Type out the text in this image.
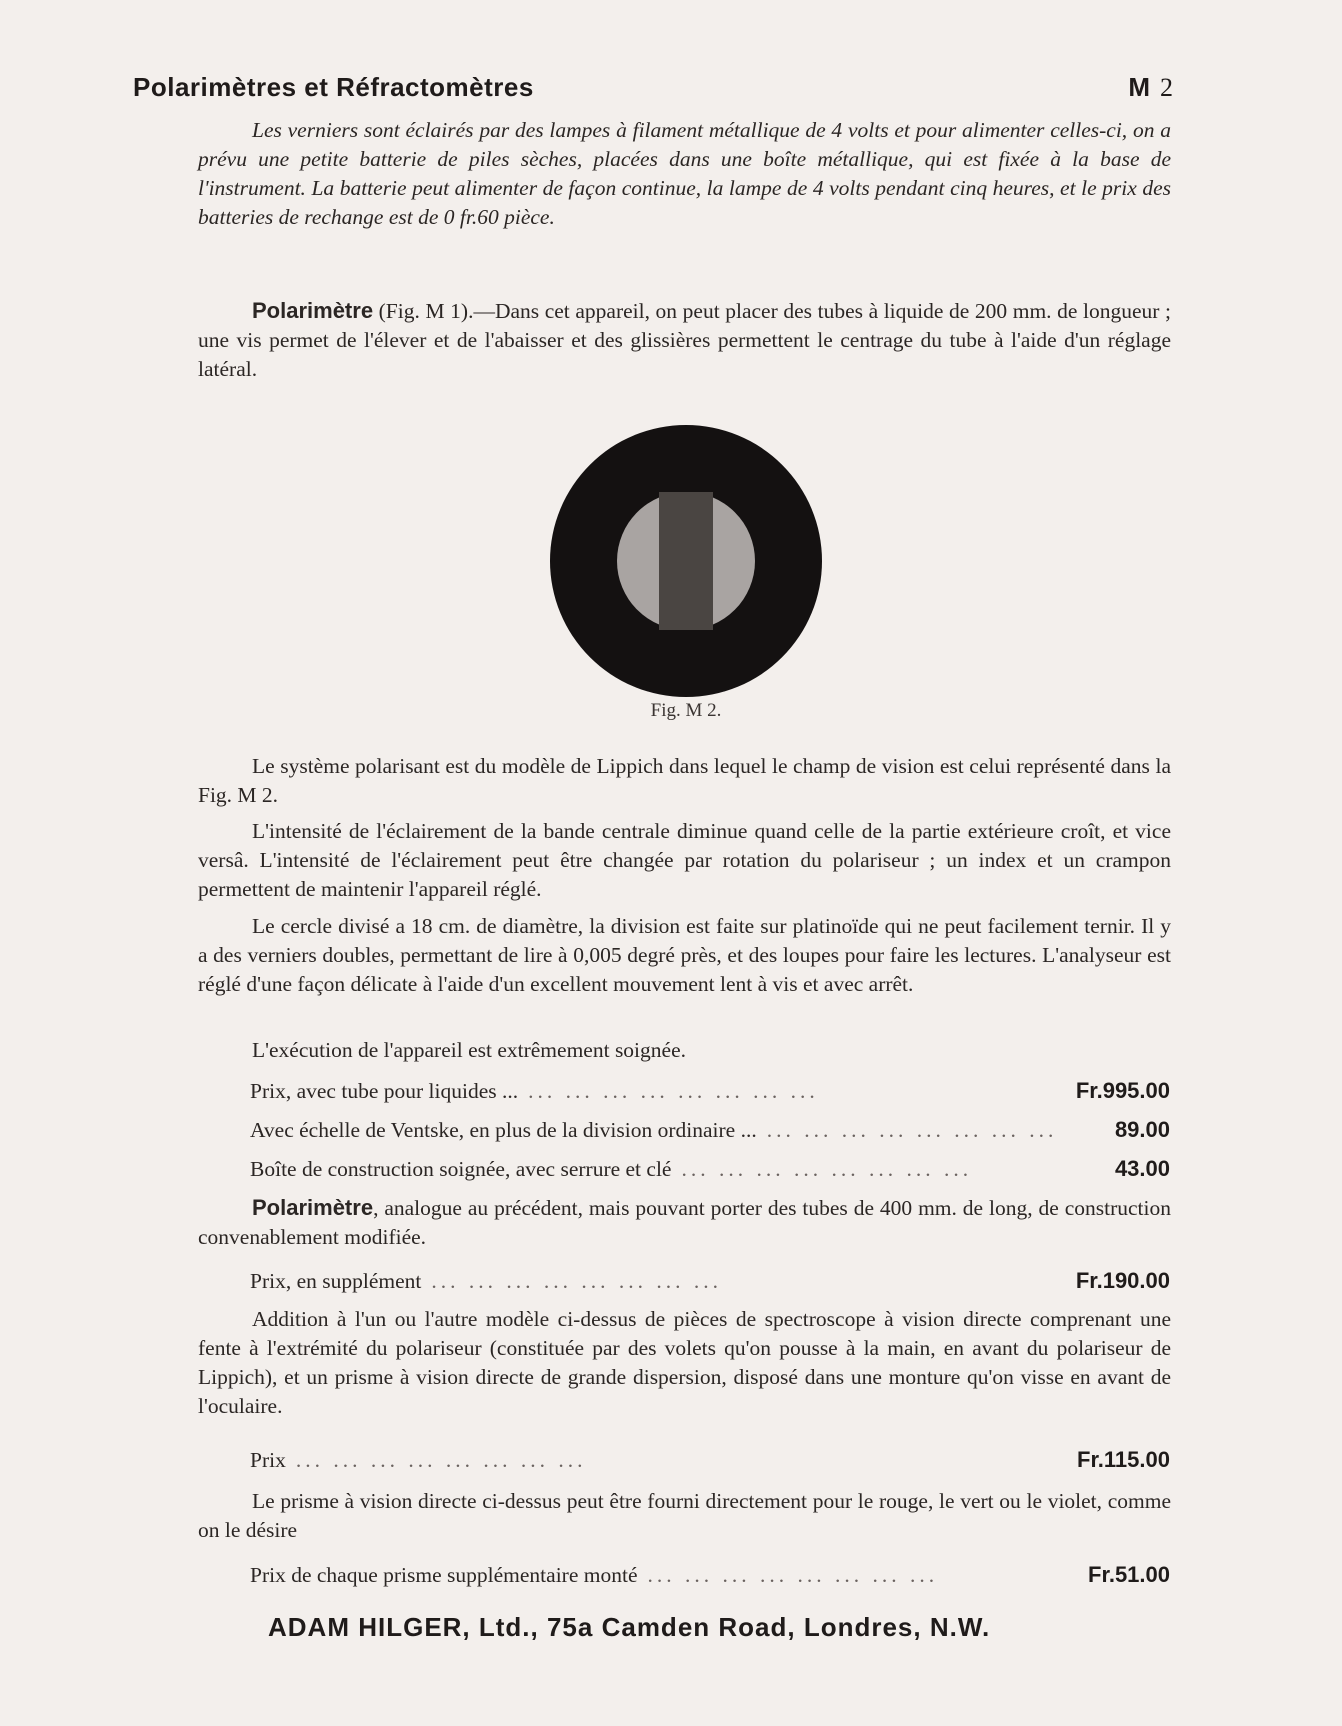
Polarimètres et Réfractomètres	M 2

Les verniers sont éclairés par des lampes à filament métallique de 4 volts et pour alimenter celles-ci, on a prévu une petite batterie de piles sèches, placées dans une boîte métallique, qui est fixée à la base de l'instrument. La batterie peut alimenter de façon continue, la lampe de 4 volts pendant cinq heures, et le prix des batteries de rechange est de 0 fr.60 pièce.

Polarimètre (Fig. M 1).—Dans cet appareil, on peut placer des tubes à liquide de 200 mm. de longueur ; une vis permet de l'élever et de l'abaisser et des glissières permettent le centrage du tube à l'aide d'un réglage latéral.

Fig. M 2.

Le système polarisant est du modèle de Lippich dans lequel le champ de vision est celui représenté dans la Fig. M 2.

L'intensité de l'éclairement de la bande centrale diminue quand celle de la partie extérieure croît, et vice versâ. L'intensité de l'éclairement peut être changée par rotation du polariseur ; un index et un crampon permettent de maintenir l'appareil réglé.

Le cercle divisé a 18 cm. de diamètre, la division est faite sur platinoïde qui ne peut facilement ternir. Il y a des verniers doubles, permettant de lire à 0,005 degré près, et des loupes pour faire les lectures. L'analyseur est réglé d'une façon délicate à l'aide d'un excellent mouvement lent à vis et avec arrêt.

L'exécution de l'appareil est extrêmement soignée.

Prix, avec tube pour liquides ... ... ... ... ... ... ... ... ...	Fr.995.00
Avec échelle de Ventske, en plus de la division ordinaire ... ... ... ... ... ... ... ... ...	89.00
Boîte de construction soignée, avec serrure et clé ... ... ... ... ... ... ... ...	43.00

Polarimètre, analogue au précédent, mais pouvant porter des tubes de 400 mm. de long, de construction convenablement modifiée.

Prix, en supplément ... ... ... ... ... ... ... ...	Fr.190.00

Addition à l'un ou l'autre modèle ci-dessus de pièces de spectroscope à vision directe comprenant une fente à l'extrémité du polariseur (constituée par des volets qu'on pousse à la main, en avant du polariseur de Lippich), et un prisme à vision directe de grande dispersion, disposé dans une monture qu'on visse en avant de l'oculaire.

Prix ... ... ... ... ... ... ... ...	Fr.115.00

Le prisme à vision directe ci-dessus peut être fourni directement pour le rouge, le vert ou le violet, comme on le désire

Prix de chaque prisme supplémentaire monté ... ... ... ... ... ... ... ...	Fr.51.00
ADAM HILGER, Ltd., 75a Camden Road, Londres, N.W.
